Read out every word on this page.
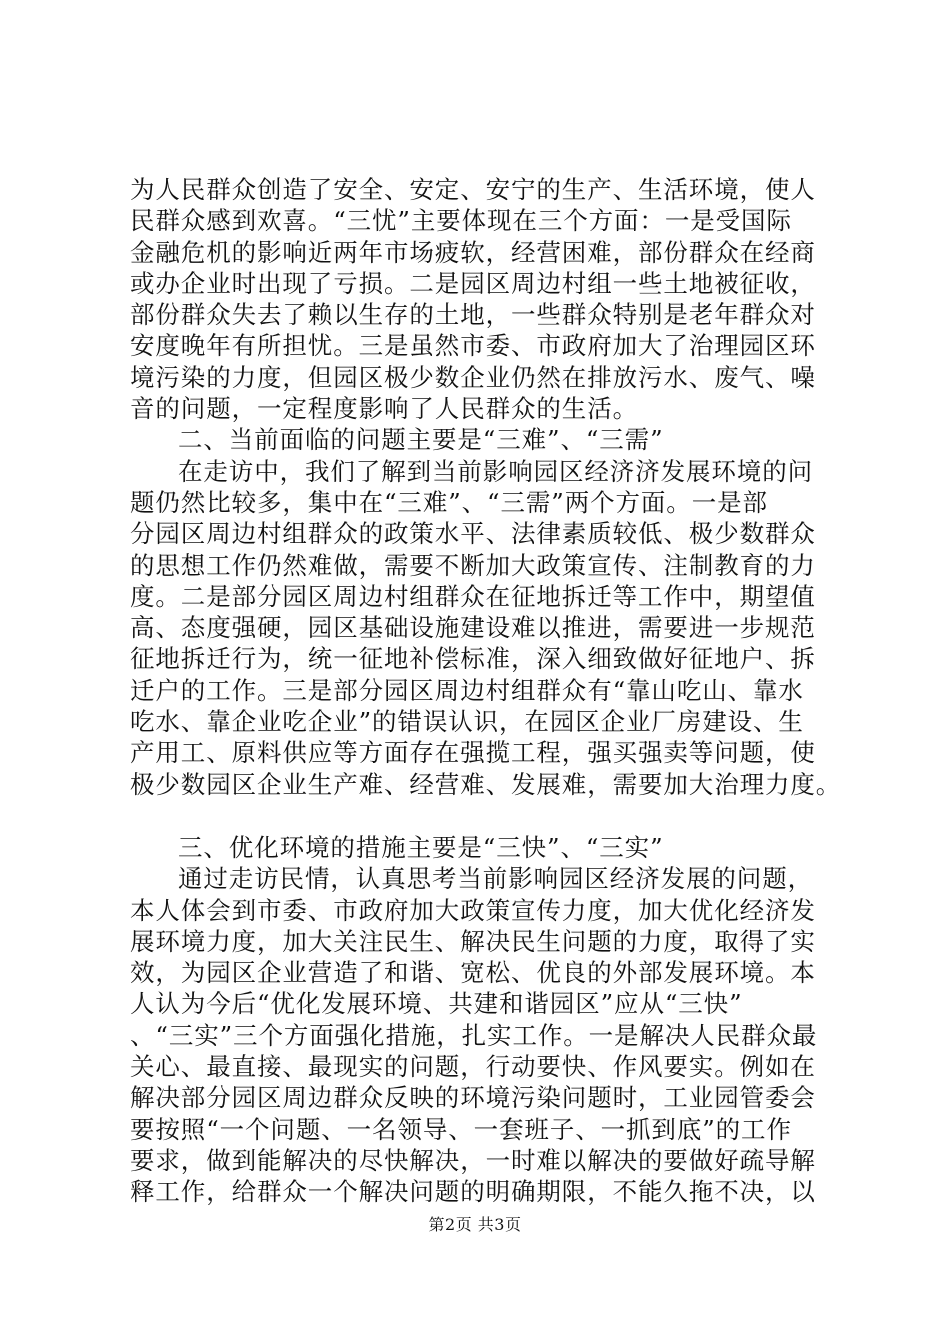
为人民群众创造了安全、安定、安宁的生产、生活环境，使人
民群众感到欢喜。“三忧”主要体现在三个方面：一是受国际
金融危机的影响近两年市场疲软，经营困难，部份群众在经商
或办企业时出现了亏损。二是园区周边村组一些土地被征收，
部份群众失去了赖以生存的土地，一些群众特别是老年群众对
安度晚年有所担忧。三是虽然市委、市政府加大了治理园区环
境污染的力度，但园区极少数企业仍然在排放污水、废气、噪
音的问题，一定程度影响了人民群众的生活。
二、当前面临的问题主要是“三难”、“三需”
在走访中，我们了解到当前影响园区经济济发展环境的问
题仍然比较多，集中在“三难”、“三需”两个方面。一是部
分园区周边村组群众的政策水平、法律素质较低、极少数群众
的思想工作仍然难做，需要不断加大政策宣传、注制教育的力
度。二是部分园区周边村组群众在征地拆迁等工作中，期望值
高、态度强硬，园区基础设施建设难以推进，需要进一步规范
征地拆迁行为，统一征地补偿标准，深入细致做好征地户、拆
迁户的工作。三是部分园区周边村组群众有“靠山吃山、靠水
吃水、靠企业吃企业”的错误认识，在园区企业厂房建设、生
产用工、原料供应等方面存在强揽工程，强买强卖等问题，使
极少数园区企业生产难、经营难、发展难，需要加大治理力度。
三、优化环境的措施主要是“三快”、“三实”
通过走访民情，认真思考当前影响园区经济发展的问题，
本人体会到市委、市政府加大政策宣传力度，加大优化经济发
展环境力度，加大关注民生、解决民生问题的力度，取得了实
效，为园区企业营造了和谐、宽松、优良的外部发展环境。本
人认为今后“优化发展环境、共建和谐园区”应从“三快”
、“三实”三个方面强化措施，扎实工作。一是解决人民群众最
关心、最直接、最现实的问题，行动要快、作风要实。例如在
解决部分园区周边群众反映的环境污染问题时，工业园管委会
要按照“一个问题、一名领导、一套班子、一抓到底”的工作
要求，做到能解决的尽快解决，一时难以解决的要做好疏导解
释工作，给群众一个解决问题的明确期限，不能久拖不决，以
第2页 共3页
